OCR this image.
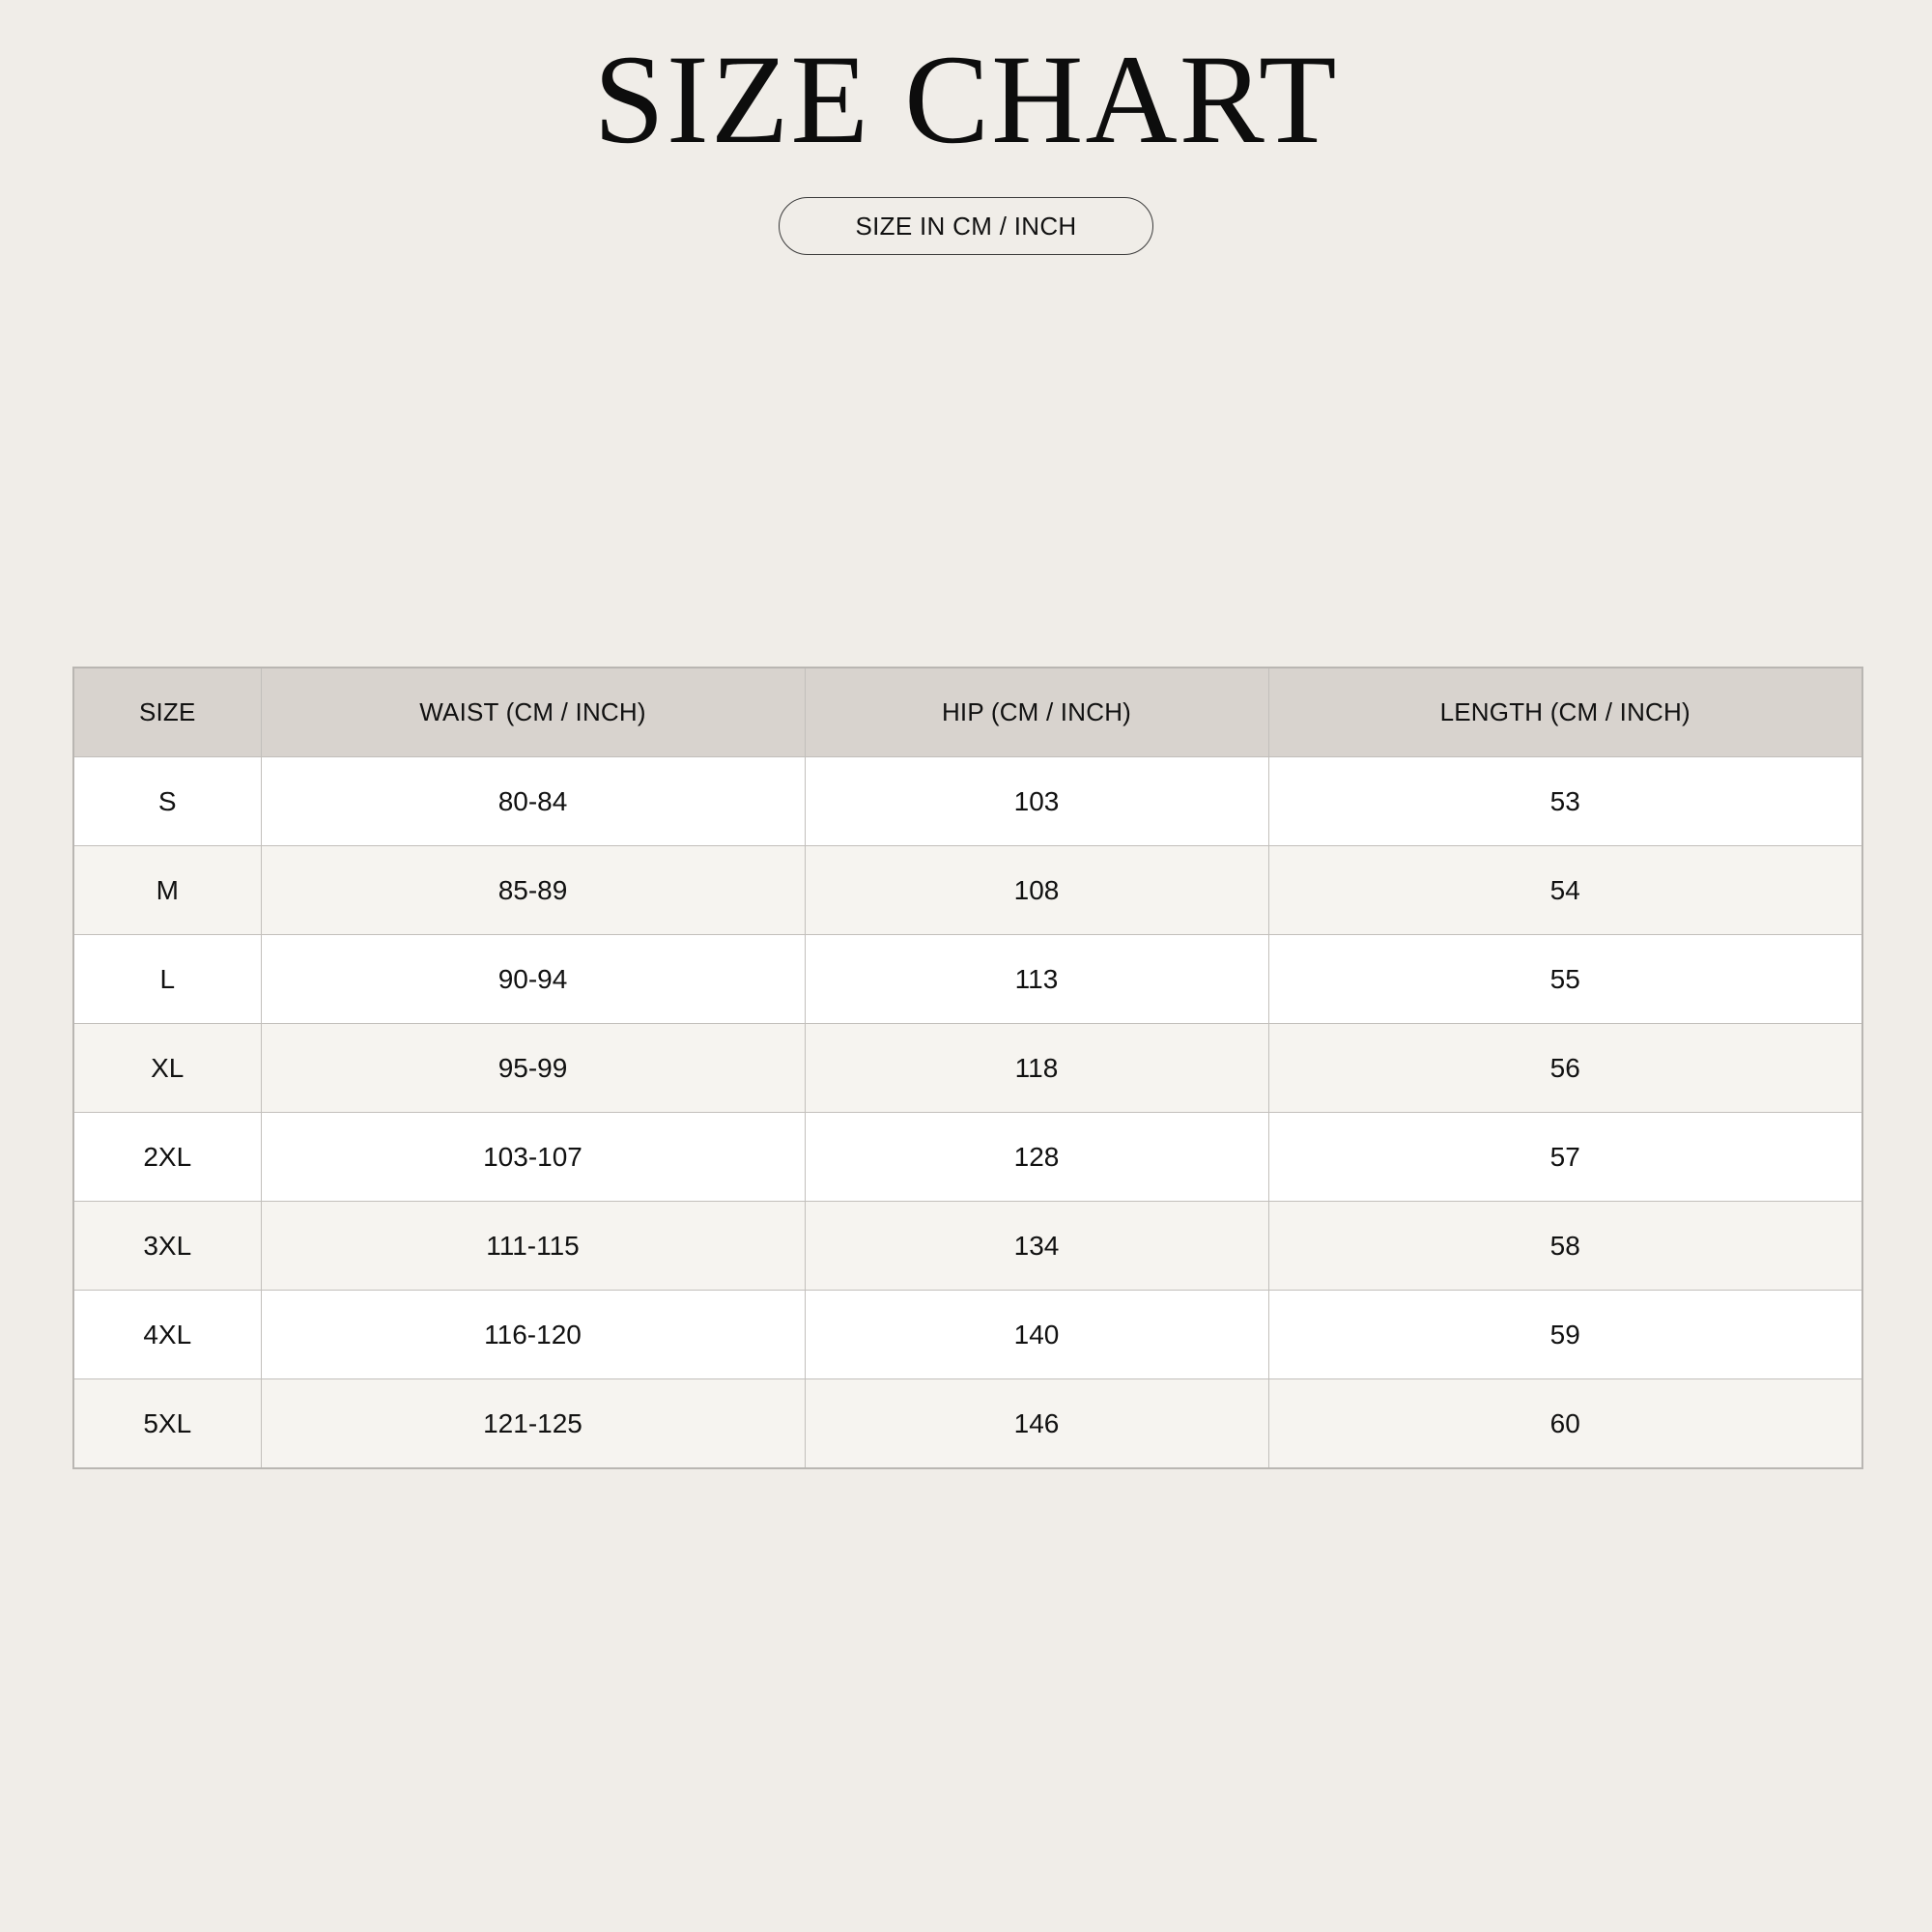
SIZE CHART
SIZE IN CM / INCH
SIZE	WAIST (CM / INCH)	HIP (CM / INCH)	LENGTH (CM / INCH)
S	80-84	103	53
M	85-89	108	54
L	90-94	113	55
XL	95-99	118	56
2XL	103-107	128	57
3XL	111-115	134	58
4XL	116-120	140	59
5XL	121-125	146	60
